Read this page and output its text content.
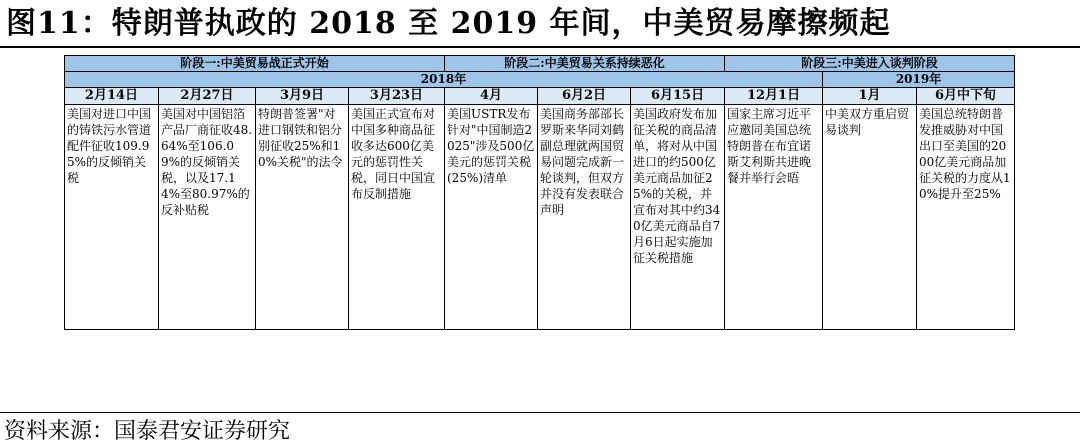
图11：特朗普执政的 2018 至 2019 年间，中美贸易摩擦频起
阶段一:中美贸易战正式开始				阶段二:中美贸易关系持续恶化			阶段三:中美进入谈判阶段		
2018年								2019年	
2月14日	2月27日	3月9日	3月23日	4月	6月2日	6月15日	12月1日	1月	6月中下旬
美国对进口中国的铸铁污水管道配件征收109.95%的反倾销关税	美国对中国铝箔产品厂商征收48.64%至106.09%的反倾销关税，以及17.14%至80.97%的反补贴税	特朗普签署"对进口钢铁和铝分别征收25%和10%关税"的法令	美国正式宣布对中国多种商品征收多达600亿美元的惩罚性关税，同日中国宣布反制措施	美国USTR发布针对"中国制造2025"涉及500亿美元的惩罚关税(25%)清单	美国商务部部长罗斯来华同刘鹤副总理就两国贸易问题完成新一轮谈判，但双方并没有发表联合声明	美国政府发布加征关税的商品清单，将对从中国进口的约500亿美元商品加征25%的关税，并宣布对其中约340亿美元商品自7月6日起实施加征关税措施	国家主席习近平应邀同美国总统特朗普在布宜诺斯艾利斯共进晚餐并举行会晤	中美双方重启贸易谈判	美国总统特朗普发推威胁对中国出口至美国的2000亿美元商品加征关税的力度从10%提升至25%
资料来源：国泰君安证券研究
